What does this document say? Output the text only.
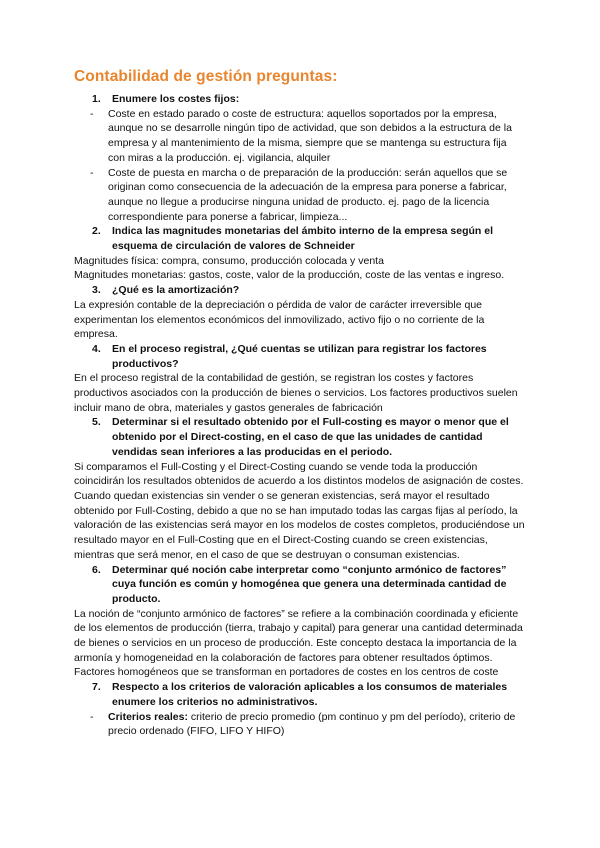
Contabilidad de gestión preguntas:
1.	Enumere los costes fijos:
-	Coste en estado parado o coste de estructura: aquellos soportados por la empresa, aunque no se desarrolle ningún tipo de actividad, que son debidos a la estructura de la empresa y al mantenimiento de la misma, siempre que se mantenga su estructura fija con miras a la producción. ej. vigilancia, alquiler
-	Coste de puesta en marcha o de preparación de la producción: serán aquellos que se originan como consecuencia de la adecuación de la empresa para ponerse a fabricar, aunque no llegue a producirse ninguna unidad de producto. ej. pago de la licencia correspondiente para ponerse a fabricar, limpieza...
2.	Indica las magnitudes monetarias del ámbito interno de la empresa según el esquema de circulación de valores de Schneider

Magnitudes física: compra, consumo, producción colocada y venta

Magnitudes monetarias: gastos, coste, valor de la producción, coste de las ventas e ingreso.

3.	¿Qué es la amortización?

La expresión contable de la depreciación o pérdida de valor de carácter irreversible que experimentan los elementos económicos del inmovilizado, activo fijo o no corriente de la empresa.

4.	En el proceso registral, ¿Qué cuentas se utilizan para registrar los factores productivos?

En el proceso registral de la contabilidad de gestión, se registran los costes y factores productivos asociados con la producción de bienes o servicios. Los factores productivos suelen incluir mano de obra, materiales y gastos generales de fabricación

5.	Determinar si el resultado obtenido por el Full-costing es mayor o menor que el obtenido por el Direct-costing, en el caso de que las unidades de cantidad vendidas sean inferiores a las producidas en el periodo.

Si comparamos el Full-Costing y el Direct-Costing cuando se vende toda la producción coincidirán los resultados obtenidos de acuerdo a los distintos modelos de asignación de costes. Cuando quedan existencias sin vender o se generan existencias, será mayor el resultado obtenido por Full-Costing, debido a que no se han imputado todas las cargas fijas al período, la valoración de las existencias será mayor en los modelos de costes completos, produciéndose un resultado mayor en el Full-Costing que en el Direct-Costing cuando se creen existencias, mientras que será menor, en el caso de que se destruyan o consuman existencias.

6.	Determinar qué noción cabe interpretar como “conjunto armónico de factores” cuya función es común y homogénea que genera una determinada cantidad de producto.

La noción de “conjunto armónico de factores” se refiere a la combinación coordinada y eficiente de los elementos de producción (tierra, trabajo y capital) para generar una cantidad determinada de bienes o servicios en un proceso de producción. Este concepto destaca la importancia de la armonía y homogeneidad en la colaboración de factores para obtener resultados óptimos. Factores homogéneos que se transforman en portadores de costes en los centros de coste

7.	Respecto a los criterios de valoración aplicables a los consumos de materiales enumere los criterios no administrativos.
-	Criterios reales: criterio de precio promedio (pm continuo y pm del período), criterio de precio ordenado (FIFO, LIFO Y HIFO)
